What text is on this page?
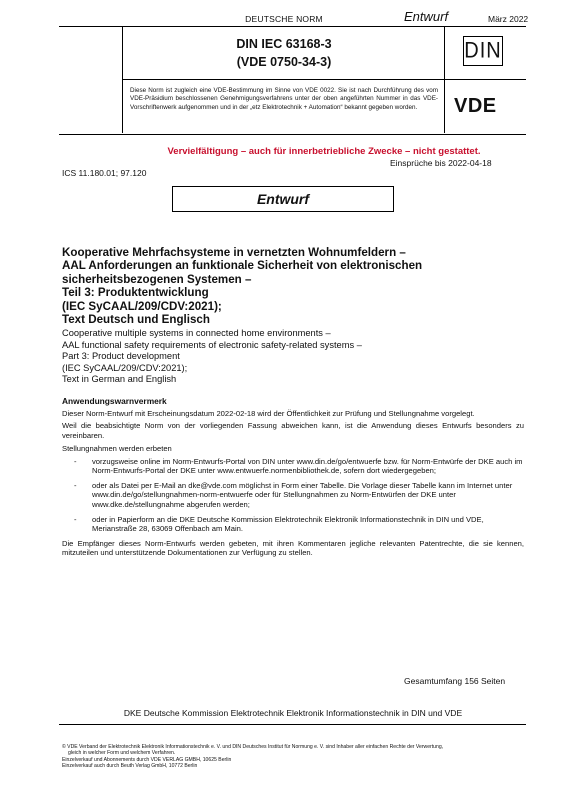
DEUTSCHE NORM	Entwurf	März 2022
DIN IEC 63168-3
(VDE 0750-34-3)	DIN
Diese Norm ist zugleich eine VDE-Bestimmung im Sinne von VDE 0022. Sie ist nach Durchführung des vom VDE-Präsidium beschlossenen Genehmigungsverfahrens unter der oben angeführten Nummer in das VDE-Vorschriftenwerk aufgenommen und in der „etz Elektrotechnik + Automation“ bekannt gegeben worden.	VDE
Vervielfältigung – auch für innerbetriebliche Zwecke – nicht gestattet.
Einsprüche bis 2022-04-18
ICS 11.180.01; 97.120
Entwurf
Kooperative Mehrfachsysteme in vernetzten Wohnumfeldern –
AAL Anforderungen an funktionale Sicherheit von elektronischen
sicherheitsbezogenen Systemen –
Teil 3: Produktentwicklung
(IEC SyCAAL/209/CDV:2021);
Text Deutsch und Englisch
Cooperative multiple systems in connected home environments –
AAL functional safety requirements of electronic safety-related systems –
Part 3: Product development
(IEC SyCAAL/209/CDV:2021);
Text in German and English
Anwendungswarnvermerk

Dieser Norm-Entwurf mit Erscheinungsdatum 2022-02-18 wird der Öffentlichkeit zur Prüfung und Stellungnahme vorgelegt.

Weil die beabsichtigte Norm von der vorliegenden Fassung abweichen kann, ist die Anwendung dieses Entwurfs besonders zu vereinbaren.

Stellungnahmen werden erbeten

-	vorzugsweise online im Norm-Entwurfs-Portal von DIN unter www.din.de/go/entwuerfe bzw. für Norm-Entwürfe der DKE auch im Norm-Entwurfs-Portal der DKE unter www.entwuerfe.normenbibliothek.de, sofern dort wiedergegeben;
-	oder als Datei per E-Mail an dke@vde.com möglichst in Form einer Tabelle. Die Vorlage dieser Tabelle kann im Internet unter www.din.de/go/stellungnahmen-norm-entwuerfe oder für Stellungnahmen zu Norm-Entwürfen der DKE unter www.dke.de/stellungnahme abgerufen werden;
-	oder in Papierform an die DKE Deutsche Kommission Elektrotechnik Elektronik Informationstechnik in DIN und VDE, Merianstraße 28, 63069 Offenbach am Main.

Die Empfänger dieses Norm-Entwurfs werden gebeten, mit ihren Kommentaren jegliche relevanten Patentrechte, die sie kennen, mitzuteilen und unterstützende Dokumentationen zur Verfügung zu stellen.

Gesamtumfang 156 Seiten
DKE Deutsche Kommission Elektrotechnik Elektronik Informationstechnik in DIN und VDE
© VDE Verband der Elektrotechnik Elektronik Informationstechnik e. V. und DIN Deutsches Institut für Normung e. V. sind Inhaber aller einfachen Rechte der Verwertung,
gleich in welcher Form und welchem Verfahren.
Einzelverkauf und Abonnements durch VDE VERLAG GMBH, 10625 Berlin
Einzelverkauf auch durch Beuth Verlag GmbH, 10772 Berlin
